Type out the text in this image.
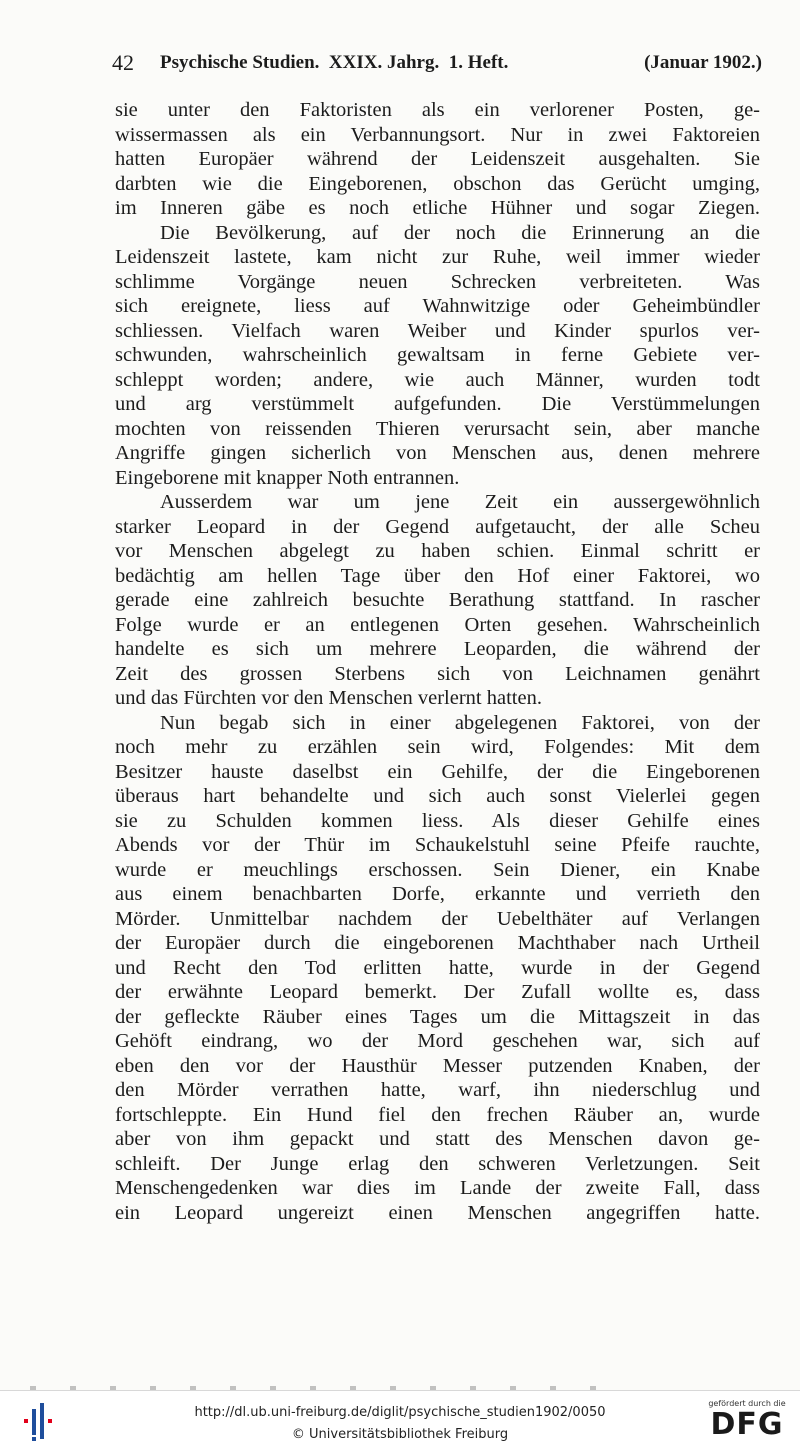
42 Psychische Studien. XXIX. Jahrg. 1. Heft.	(Januar 1902.)
sie unter den Faktoristen als ein verlorener Posten, ge-
wissermassen als ein Verbannungsort. Nur in zwei Faktoreien
hatten Europäer während der Leidenszeit ausgehalten. Sie
darbten wie die Eingeborenen, obschon das Gerücht umging,
im Inneren gäbe es noch etliche Hühner und sogar Ziegen.
Die Bevölkerung, auf der noch die Erinnerung an die
Leidenszeit lastete, kam nicht zur Ruhe, weil immer wieder
schlimme Vorgänge neuen Schrecken verbreiteten. Was
sich ereignete, liess auf Wahnwitzige oder Geheimbündler
schliessen. Vielfach waren Weiber und Kinder spurlos ver-
schwunden, wahrscheinlich gewaltsam in ferne Gebiete ver-
schleppt worden; andere, wie auch Männer, wurden todt
und arg verstümmelt aufgefunden. Die Verstümmelungen
mochten von reissenden Thieren verursacht sein, aber manche
Angriffe gingen sicherlich von Menschen aus, denen mehrere
Eingeborene mit knapper Noth entrannen.
Ausserdem war um jene Zeit ein aussergewöhnlich
starker Leopard in der Gegend aufgetaucht, der alle Scheu
vor Menschen abgelegt zu haben schien. Einmal schritt er
bedächtig am hellen Tage über den Hof einer Faktorei, wo
gerade eine zahlreich besuchte Berathung stattfand. In rascher
Folge wurde er an entlegenen Orten gesehen. Wahrscheinlich
handelte es sich um mehrere Leoparden, die während der
Zeit des grossen Sterbens sich von Leichnamen genährt
und das Fürchten vor den Menschen verlernt hatten.
Nun begab sich in einer abgelegenen Faktorei, von der
noch mehr zu erzählen sein wird, Folgendes: Mit dem
Besitzer hauste daselbst ein Gehilfe, der die Eingeborenen
überaus hart behandelte und sich auch sonst Vielerlei gegen
sie zu Schulden kommen liess. Als dieser Gehilfe eines
Abends vor der Thür im Schaukelstuhl seine Pfeife rauchte,
wurde er meuchlings erschossen. Sein Diener, ein Knabe
aus einem benachbarten Dorfe, erkannte und verrieth den
Mörder. Unmittelbar nachdem der Uebelthäter auf Verlangen
der Europäer durch die eingeborenen Machthaber nach Urtheil
und Recht den Tod erlitten hatte, wurde in der Gegend
der erwähnte Leopard bemerkt. Der Zufall wollte es, dass
der gefleckte Räuber eines Tages um die Mittagszeit in das
Gehöft eindrang, wo der Mord geschehen war, sich auf
eben den vor der Hausthür Messer putzenden Knaben, der
den Mörder verrathen hatte, warf, ihn niederschlug und
fortschleppte. Ein Hund fiel den frechen Räuber an, wurde
aber von ihm gepackt und statt des Menschen davon ge-
schleift. Der Junge erlag den schweren Verletzungen. Seit
Menschengedenken war dies im Lande der zweite Fall, dass
ein Leopard ungereizt einen Menschen angegriffen hatte.
http://dl.ub.uni-freiburg.de/diglit/psychische_studien1902/0050
© Universitätsbibliothek Freiburg
gefördert durch die
DFG
